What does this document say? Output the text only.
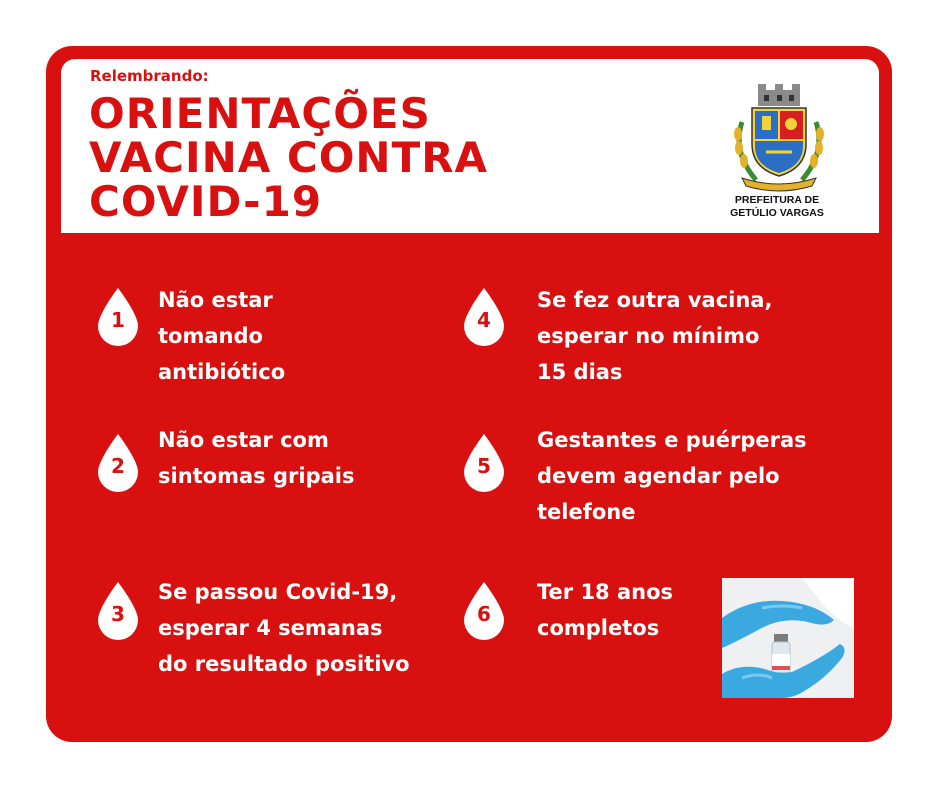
Relembrando:
ORIENTAÇÕES
VACINA CONTRA
COVID-19	PREFEITURA DE
GETÚLIO VARGAS
1
Não estar
tomando
antibiótico
2
Não estar com
sintomas gripais
3
Se passou Covid-19,
esperar 4 semanas
do resultado positivo
4
Se fez outra vacina,
esperar no mínimo
15 dias
5
Gestantes e puérperas
devem agendar pelo
telefone
6
Ter 18 anos
completos
